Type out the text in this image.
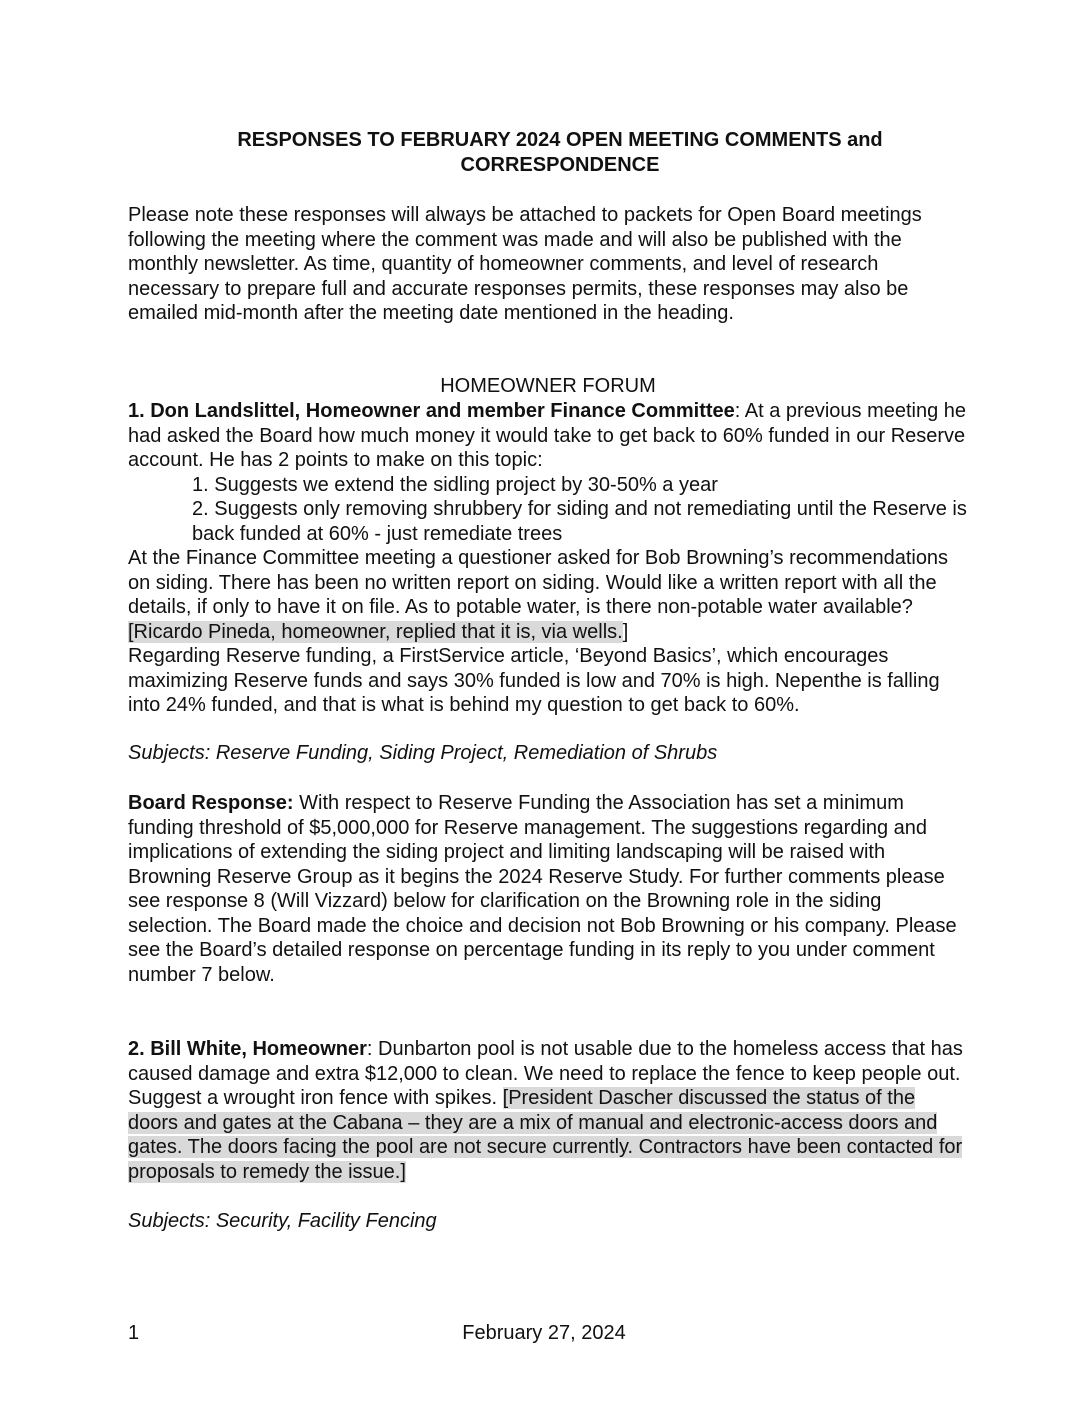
RESPONSES TO FEBRUARY 2024 OPEN MEETING COMMENTS and
CORRESPONDENCE
Please note these responses will always be attached to packets for Open Board meetings following the meeting where the comment was made and will also be published with the monthly newsletter. As time, quantity of homeowner comments, and level of research necessary to prepare full and accurate responses permits, these responses may also be emailed mid-month after the meeting date mentioned in the heading.
HOMEOWNER FORUM
1. Don Landslittel, Homeowner and member Finance Committee: At a previous meeting he had asked the Board how much money it would take to get back to 60% funded in our Reserve account. He has 2 points to make on this topic:
1. Suggests we extend the sidling project by 30-50% a year
2. Suggests only removing shrubbery for siding and not remediating until the Reserve is back funded at 60% - just remediate trees
At the Finance Committee meeting a questioner asked for Bob Browning’s recommendations on siding. There has been no written report on siding. Would like a written report with all the details, if only to have it on file. As to potable water, is there non-potable water available? [Ricardo Pineda, homeowner, replied that it is, via wells.]
Regarding Reserve funding, a FirstService article, ‘Beyond Basics’, which encourages maximizing Reserve funds and says 30% funded is low and 70% is high. Nepenthe is falling into 24% funded, and that is what is behind my question to get back to 60%.
Subjects: Reserve Funding, Siding Project, Remediation of Shrubs
Board Response: With respect to Reserve Funding the Association has set a minimum funding threshold of $5,000,000 for Reserve management. The suggestions regarding and implications of extending the siding project and limiting landscaping will be raised with Browning Reserve Group as it begins the 2024 Reserve Study. For further comments please see response 8 (Will Vizzard) below for clarification on the Browning role in the siding selection. The Board made the choice and decision not Bob Browning or his company. Please see the Board’s detailed response on percentage funding in its reply to you under comment number 7 below.
2. Bill White, Homeowner: Dunbarton pool is not usable due to the homeless access that has caused damage and extra $12,000 to clean. We need to replace the fence to keep people out. Suggest a wrought iron fence with spikes. [President Dascher discussed the status of the doors and gates at the Cabana – they are a mix of manual and electronic-access doors and gates. The doors facing the pool are not secure currently. Contractors have been contacted for proposals to remedy the issue.]
Subjects: Security, Facility Fencing
February 27, 2024
1
